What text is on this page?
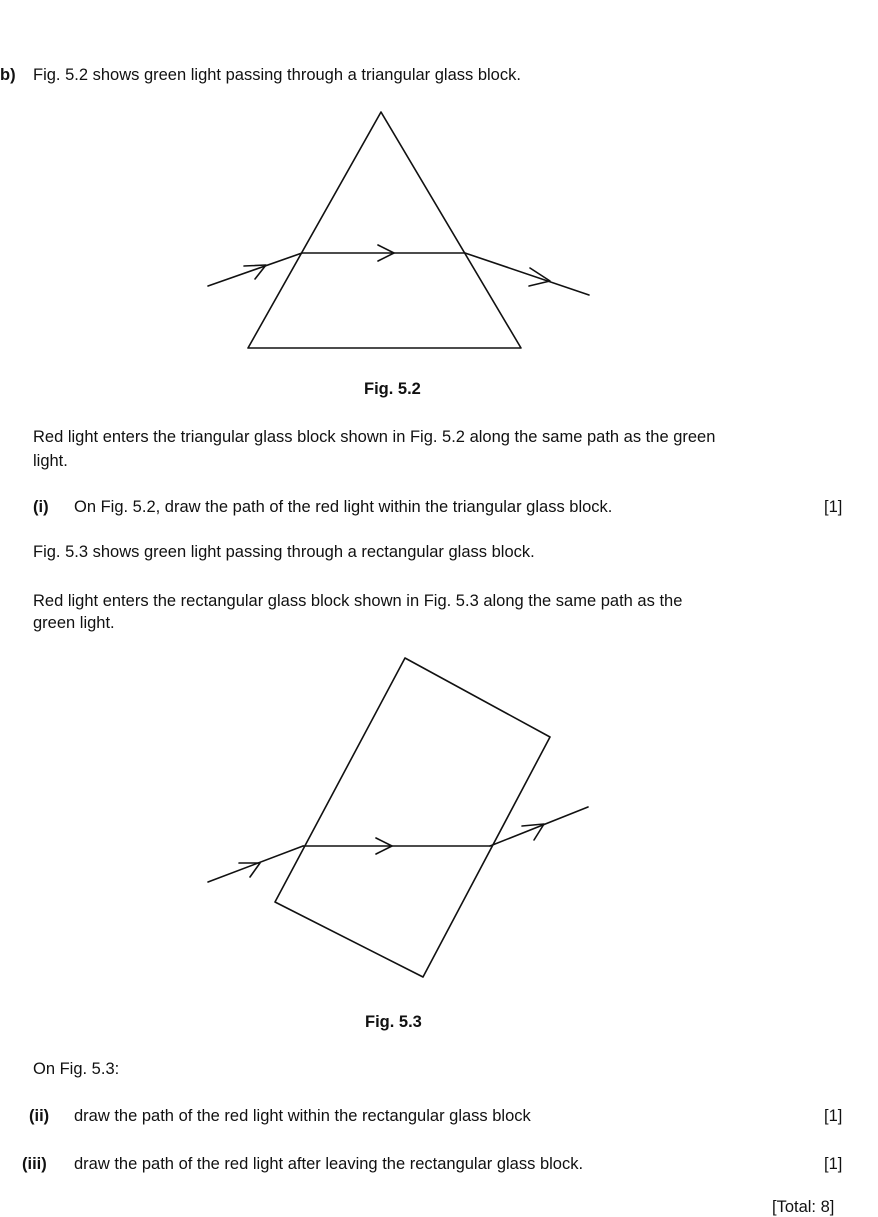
b) Fig. 5.2 shows green light passing through a triangular glass block.
Fig. 5.2
Red light enters the triangular glass block shown in Fig. 5.2 along the same path as the green
light.
(i) On Fig. 5.2, draw the path of the red light within the triangular glass block.	[1]
Fig. 5.3 shows green light passing through a rectangular glass block.
Red light enters the rectangular glass block shown in Fig. 5.3 along the same path as the
green light.
Fig. 5.3
On Fig. 5.3:
(ii) draw the path of the red light within the rectangular glass block	[1]
(iii) draw the path of the red light after leaving the rectangular glass block.	[1]
[Total: 8]
